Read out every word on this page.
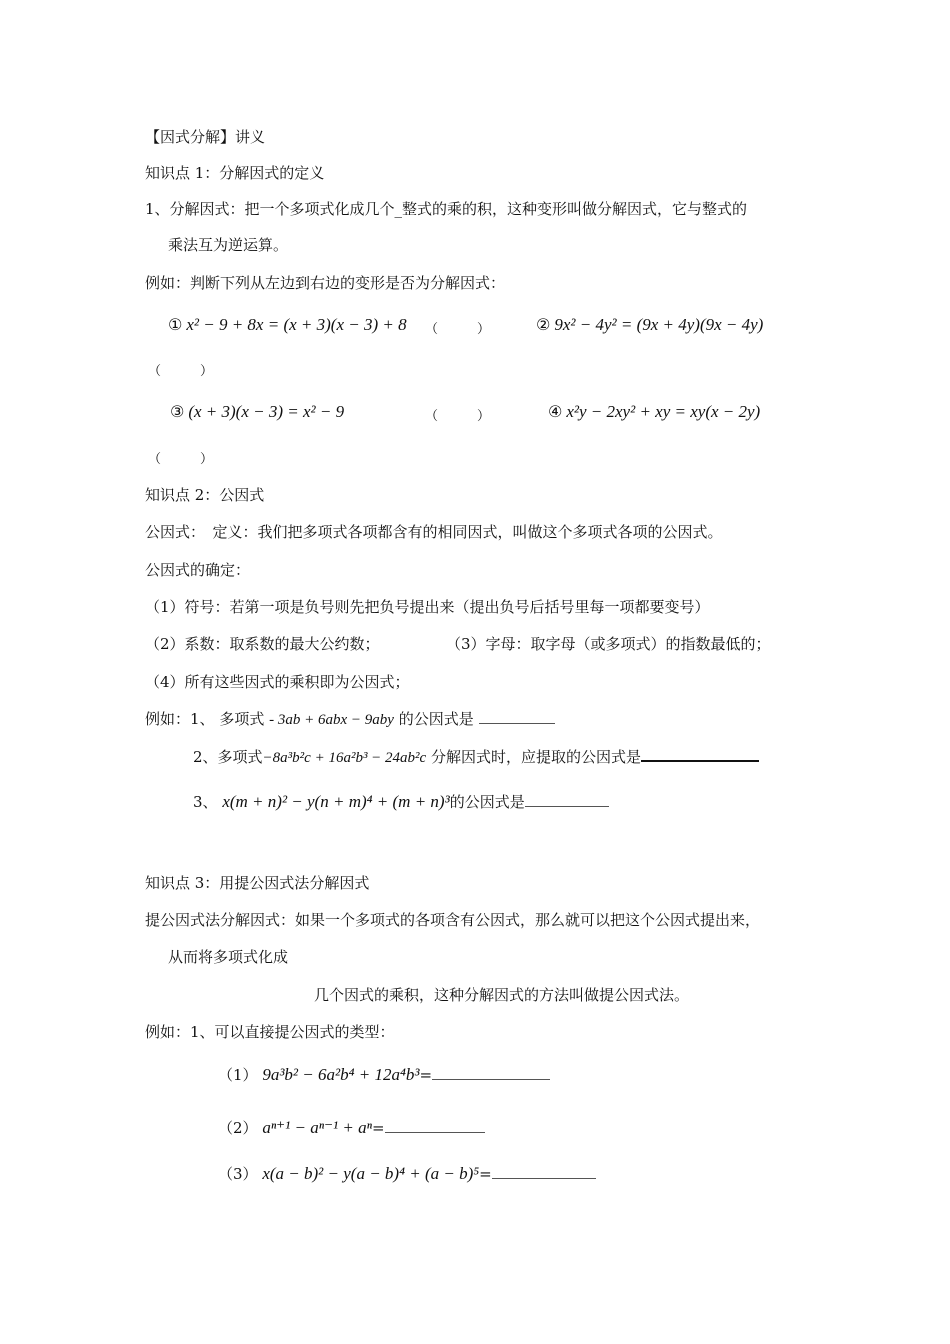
【因式分解】讲义
知识点 1：分解因式的定义
1、分解因式：把一个多项式化成几个_整式的乘的积，这种变形叫做分解因式，它与整式的
乘法互为逆运算。
例如：判断下列从左边到右边的变形是否为分解因式：
① x² − 9 + 8x = (x + 3)(x − 3) + 8 （　　　）	② 9x² − 4y² = (9x + 4y)(9x − 4y)
（　　　）
③ (x + 3)(x − 3) = x² − 9	（　　　）	④ x²y − 2xy² + xy = xy(x − 2y)
（　　　）
知识点 2：公因式
公因式：　定义：我们把多项式各项都含有的相同因式，叫做这个多项式各项的公因式。
公因式的确定：
（1）符号：若第一项是负号则先把负号提出来（提出负号后括号里每一项都要变号）
（2）系数：取系数的最大公约数；	（3）字母：取字母（或多项式）的指数最低的；
（4）所有这些因式的乘积即为公因式；
例如：1、 多项式 - 3ab + 6abx − 9aby 的公因式是
2、多项式−8a³b²c + 16a²b³ − 24ab²c 分解因式时，应提取的公因式是
3、 x(m + n)² − y(n + m)⁴ + (m + n)³的公因式是
知识点 3：用提公因式法分解因式
提公因式法分解因式：如果一个多项式的各项含有公因式，那么就可以把这个公因式提出来，
从而将多项式化成
几个因式的乘积，这种分解因式的方法叫做提公因式法。
例如：1、可以直接提公因式的类型：
（1） 9a³b² − 6a²b⁴ + 12a⁴b³=
（2） aⁿ⁺¹ − aⁿ⁻¹ + aⁿ=
（3） x(a − b)² − y(a − b)⁴ + (a − b)⁵=
